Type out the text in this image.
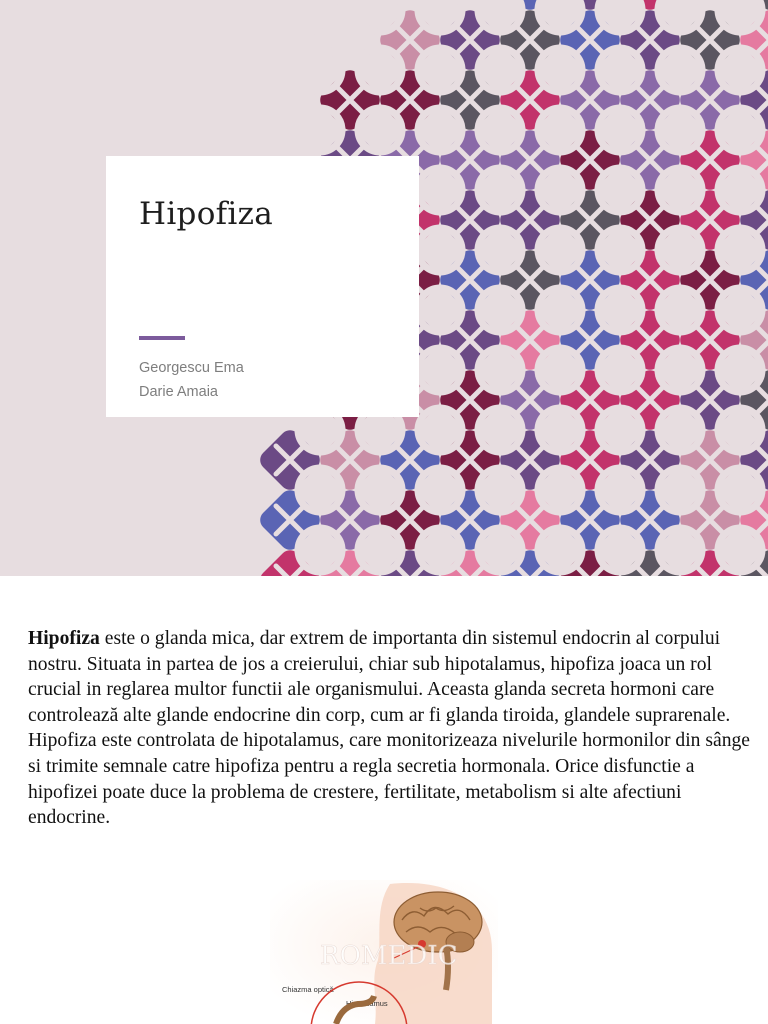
Hipofiza
Georgescu Ema
Darie Amaia

Hipofiza este o glanda mica, dar extrem de importanta din sistemul endocrin al corpului nostru. Situata in partea de jos a creierului, chiar sub hipotalamus, hipofiza joaca un rol crucial in reglarea multor functii ale organismului. Aceasta glanda secreta hormoni care controlează alte glande endocrine din corp, cum ar fi glanda tiroida, glandele suprarenale. Hipofiza este controlata de hipotalamus, care monitorizeaza nivelurile hormonilor din sânge si trimite semnale catre hipofiza pentru a regla secretia hormonala. Orice disfunctie a hipofizei poate duce la problema de crestere, fertilitate, metabolism si alte afectiuni endocrine.

ROMEDIC
Chiazma optică
Hipotalamus
